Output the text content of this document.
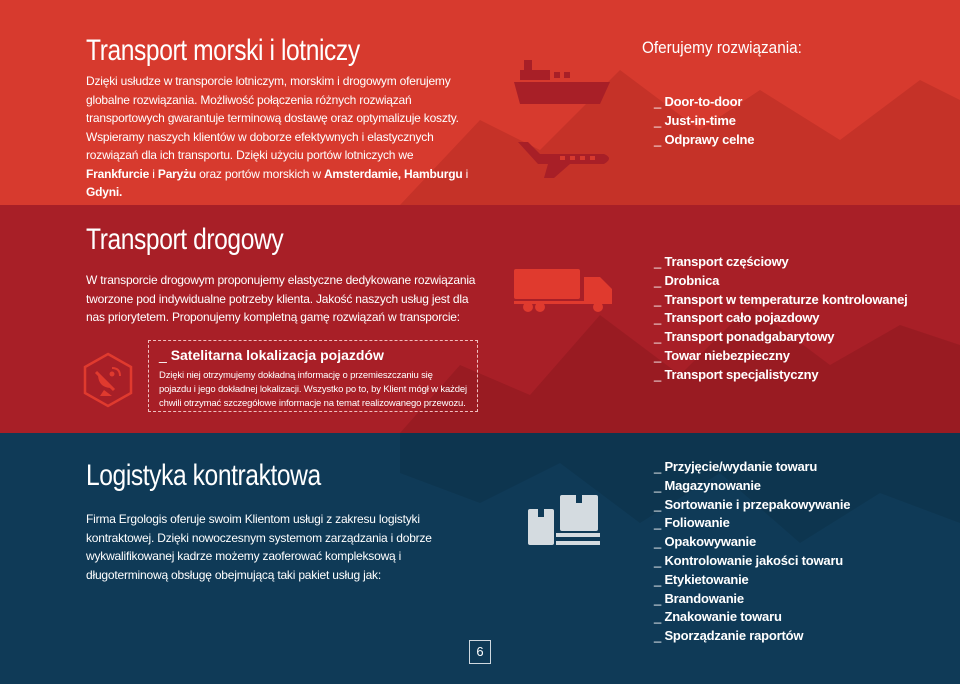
Transport morski i lotniczy
Dzięki usłudze w transporcie lotniczym, morskim i drogowym oferujemy globalne rozwiązania. Możliwość połączenia różnych rozwiązań transportowych gwarantuje terminową dostawę oraz optymalizuje koszty. Wspieramy naszych klientów w doborze efektywnych i elastycznych rozwiązań dla ich transportu. Dzięki użyciu portów lotniczych we Frankfurcie i Paryżu oraz portów morskich w Amsterdamie, Hamburgu i Gdyni.
Oferujemy rozwiązania:
_ Door-to-door
_ Just-in-time
_ Odprawy celne
Transport drogowy
W transporcie drogowym proponujemy elastyczne dedykowane rozwiązania tworzone pod indywidualne potrzeby klienta. Jakość naszych usług jest dla nas priorytetem. Proponujemy kompletną gamę rozwiązań w transporcie:
_ Satelitarna lokalizacja pojazdów
Dzięki niej otrzymujemy dokładną informację o przemieszczaniu się pojazdu i jego dokładnej lokalizacji. Wszystko po to, by Klient mógł w każdej chwili otrzymać szczegółowe informacje na temat realizowanego przewozu.
_ Transport częściowy
_ Drobnica
_ Transport w temperaturze kontrolowanej
_ Transport cało pojazdowy
_ Transport ponadgabarytowy
_ Towar niebezpieczny
_ Transport specjalistyczny
Logistyka kontraktowa
Firma Ergologis oferuje swoim Klientom usługi z zakresu logistyki kontraktowej. Dzięki nowoczesnym systemom zarządzania i dobrze wykwalifikowanej kadrze możemy zaoferować kompleksową i długoterminową obsługę obejmującą taki pakiet usług jak:
_ Przyjęcie/wydanie towaru
_ Magazynowanie
_ Sortowanie i przepakowywanie
_ Foliowanie
_ Opakowywanie
_ Kontrolowanie jakości towaru
_ Etykietowanie
_ Brandowanie
_ Znakowanie towaru
_ Sporządzanie raportów
6
